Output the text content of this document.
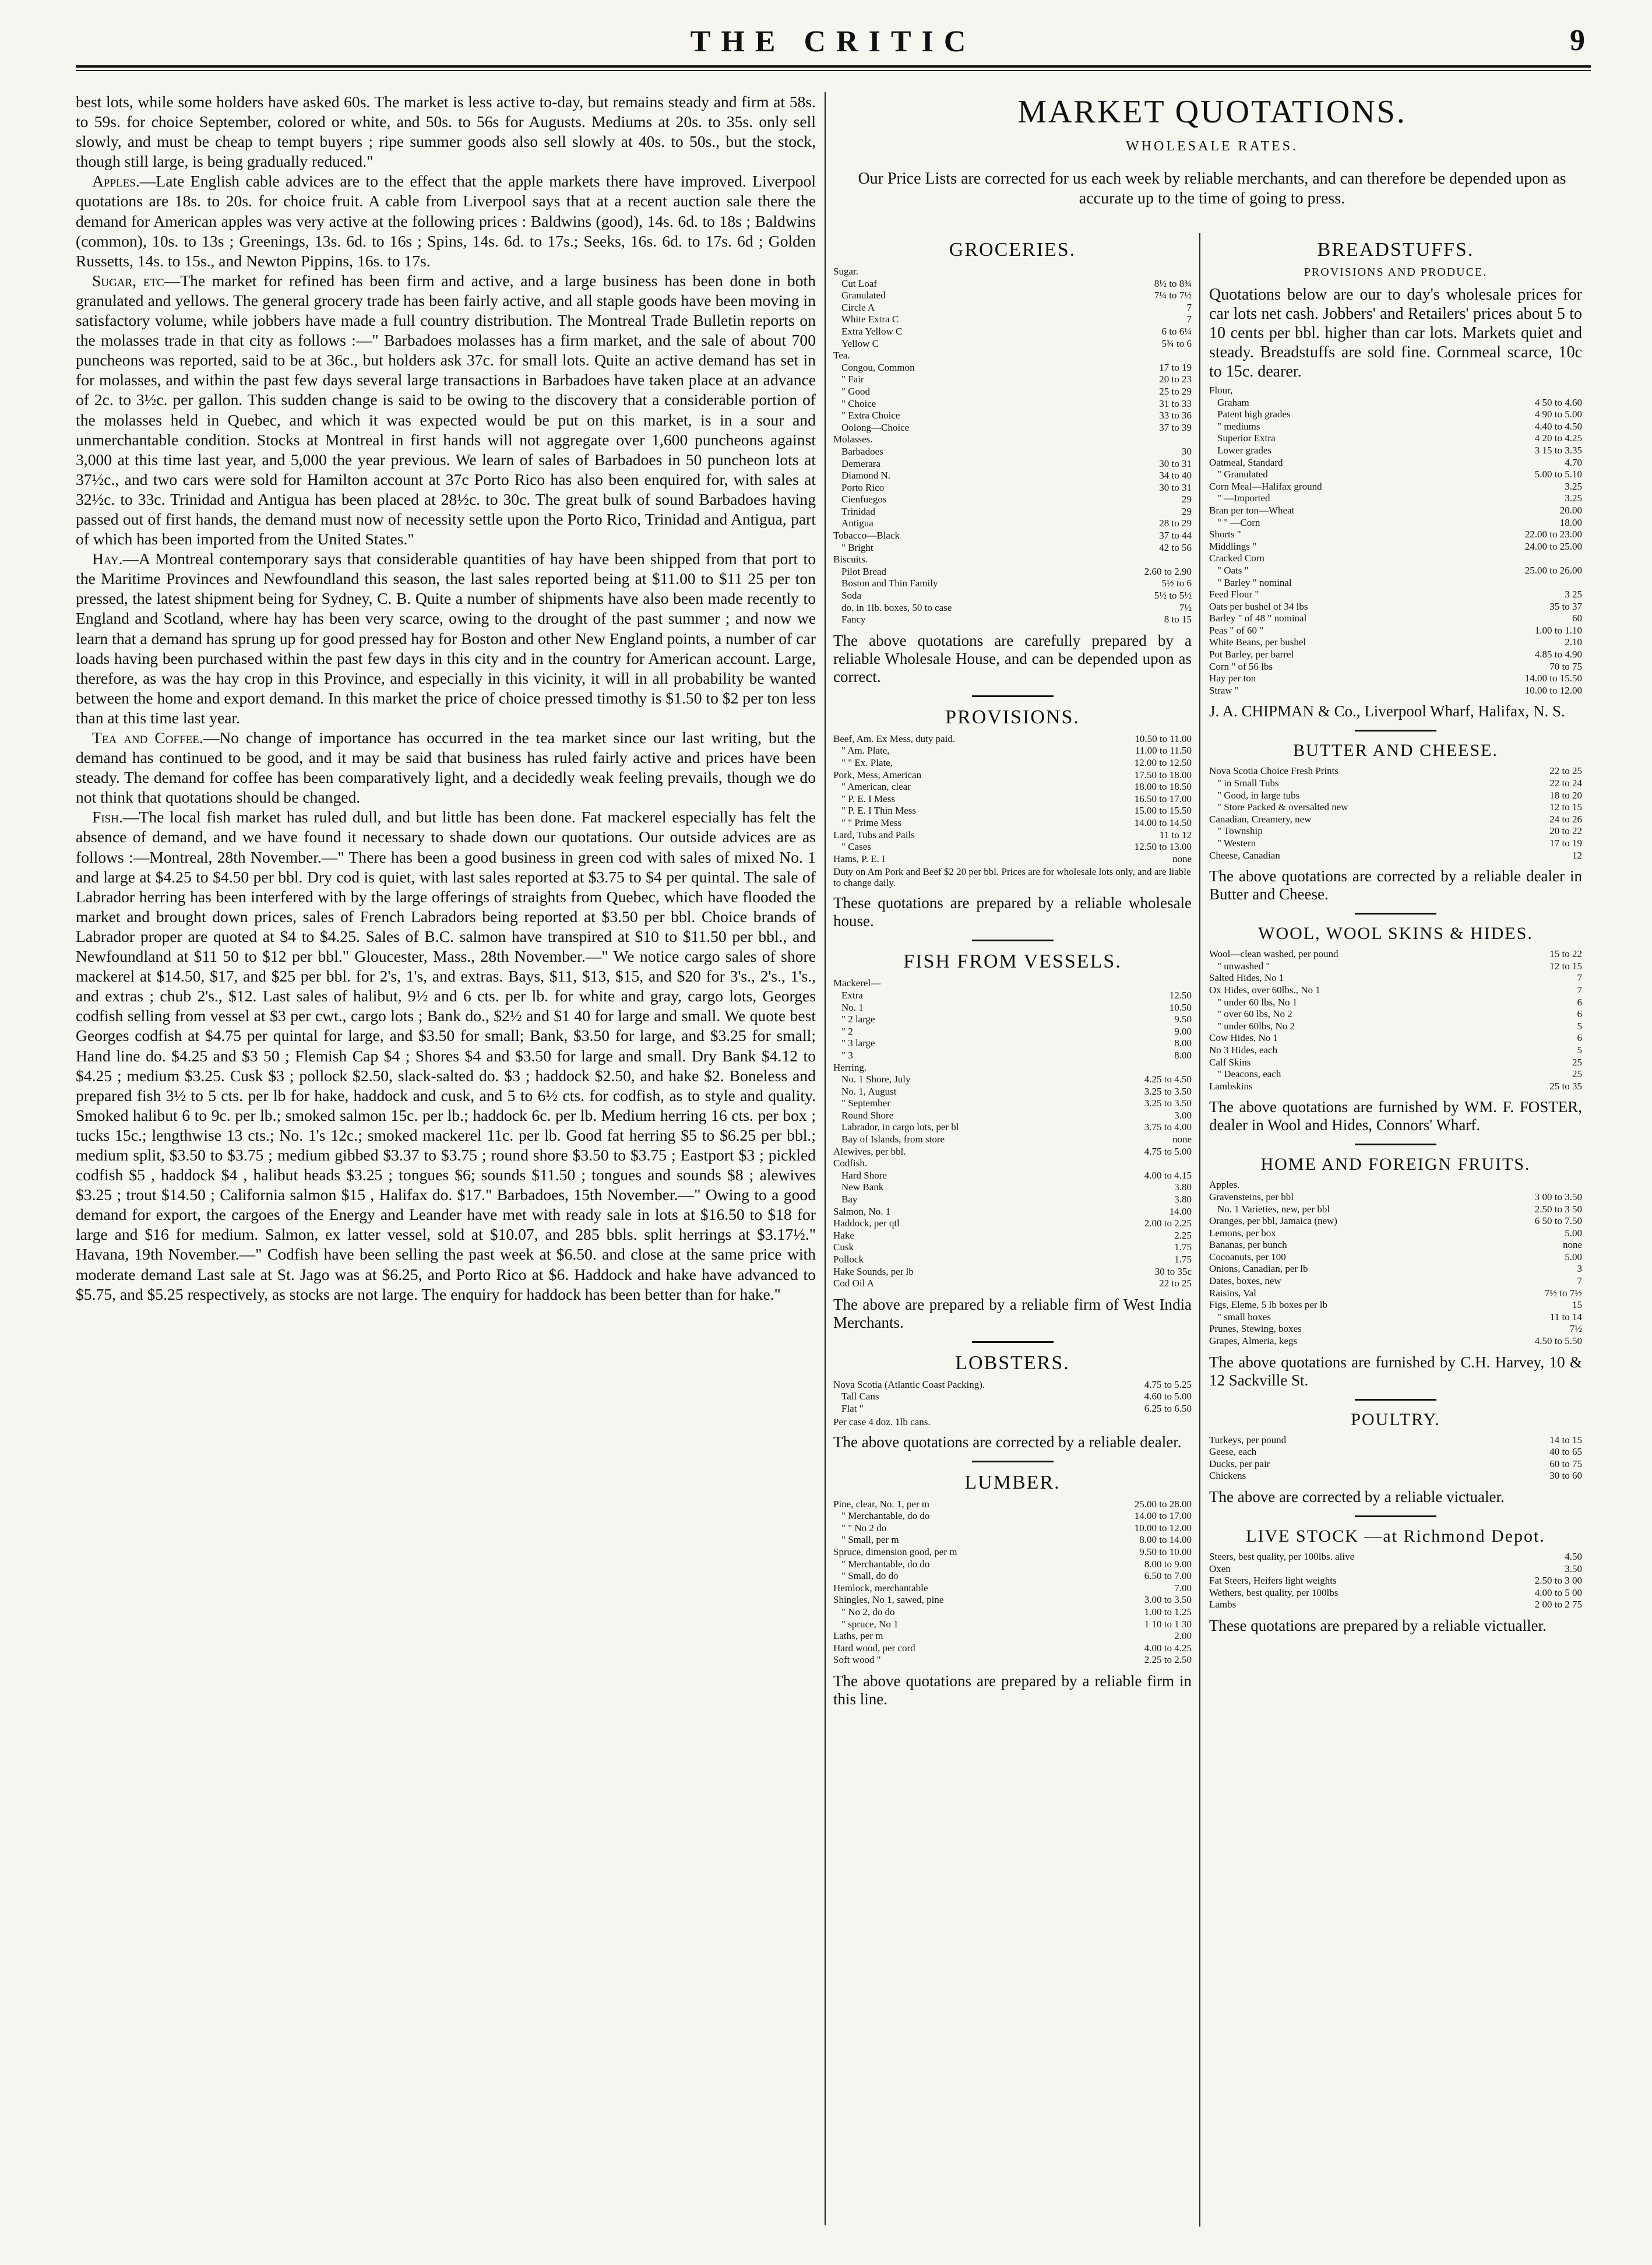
THE CRITIC	9

best lots, while some holders have asked 60s. The market is less active to-day, but remains steady and firm at 58s. to 59s. for choice September, colored or white, and 50s. to 56s for Augusts. Mediums at 20s. to 35s. only sell slowly, and must be cheap to tempt buyers ; ripe summer goods also sell slowly at 40s. to 50s., but the stock, though still large, is being gradually reduced."

Apples.—Late English cable advices are to the effect that the apple markets there have improved. Liverpool quotations are 18s. to 20s. for choice fruit. A cable from Liverpool says that at a recent auction sale there the demand for American apples was very active at the following prices : Baldwins (good), 14s. 6d. to 18s ; Baldwins (common), 10s. to 13s ; Greenings, 13s. 6d. to 16s ; Spins, 14s. 6d. to 17s.; Seeks, 16s. 6d. to 17s. 6d ; Golden Russetts, 14s. to 15s., and Newton Pippins, 16s. to 17s.

Sugar, etc—The market for refined has been firm and active, and a large business has been done in both granulated and yellows. The general grocery trade has been fairly active, and all staple goods have been moving in satisfactory volume, while jobbers have made a full country distribution. The Montreal Trade Bulletin reports on the molasses trade in that city as follows :—" Barbadoes molasses has a firm market, and the sale of about 700 puncheons was reported, said to be at 36c., but holders ask 37c. for small lots. Quite an active demand has set in for molasses, and within the past few days several large transactions in Barbadoes have taken place at an advance of 2c. to 3½c. per gallon. This sudden change is said to be owing to the discovery that a considerable portion of the molasses held in Quebec, and which it was expected would be put on this market, is in a sour and unmerchantable condition. Stocks at Montreal in first hands will not aggregate over 1,600 puncheons against 3,000 at this time last year, and 5,000 the year previous. We learn of sales of Barbadoes in 50 puncheon lots at 37½c., and two cars were sold for Hamilton account at 37c Porto Rico has also been enquired for, with sales at 32½c. to 33c. Trinidad and Antigua has been placed at 28½c. to 30c. The great bulk of sound Barbadoes having passed out of first hands, the demand must now of necessity settle upon the Porto Rico, Trinidad and Antigua, part of which has been imported from the United States."

Hay.—A Montreal contemporary says that considerable quantities of hay have been shipped from that port to the Maritime Provinces and Newfoundland this season, the last sales reported being at $11.00 to $11 25 per ton pressed, the latest shipment being for Sydney, C. B. Quite a number of shipments have also been made recently to England and Scotland, where hay has been very scarce, owing to the drought of the past summer ; and now we learn that a demand has sprung up for good pressed hay for Boston and other New England points, a number of car loads having been purchased within the past few days in this city and in the country for American account. Large, therefore, as was the hay crop in this Province, and especially in this vicinity, it will in all probability be wanted between the home and export demand. In this market the price of choice pressed timothy is $1.50 to $2 per ton less than at this time last year.

Tea and Coffee.—No change of importance has occurred in the tea market since our last writing, but the demand has continued to be good, and it may be said that business has ruled fairly active and prices have been steady. The demand for coffee has been comparatively light, and a decidedly weak feeling prevails, though we do not think that quotations should be changed.

Fish.—The local fish market has ruled dull, and but little has been done. Fat mackerel especially has felt the absence of demand, and we have found it necessary to shade down our quotations. Our outside advices are as follows :—Montreal, 28th November.—" There has been a good business in green cod with sales of mixed No. 1 and large at $4.25 to $4.50 per bbl. Dry cod is quiet, with last sales reported at $3.75 to $4 per quintal. The sale of Labrador herring has been interfered with by the large offerings of straights from Quebec, which have flooded the market and brought down prices, sales of French Labradors being reported at $3.50 per bbl. Choice brands of Labrador proper are quoted at $4 to $4.25. Sales of B.C. salmon have transpired at $10 to $11.50 per bbl., and Newfoundland at $11 50 to $12 per bbl." Gloucester, Mass., 28th November.—" We notice cargo sales of shore mackerel at $14.50, $17, and $25 per bbl. for 2's, 1's, and extras. Bays, $11, $13, $15, and $20 for 3's., 2's., 1's., and extras ; chub 2's., $12. Last sales of halibut, 9½ and 6 cts. per lb. for white and gray, cargo lots, Georges codfish selling from vessel at $3 per cwt., cargo lots ; Bank do., $2½ and $1 40 for large and small. We quote best Georges codfish at $4.75 per quintal for large, and $3.50 for small; Bank, $3.50 for large, and $3.25 for small; Hand line do. $4.25 and $3 50 ; Flemish Cap $4 ; Shores $4 and $3.50 for large and small. Dry Bank $4.12 to $4.25 ; medium $3.25. Cusk $3 ; pollock $2.50, slack-salted do. $3 ; haddock $2.50, and hake $2. Boneless and prepared fish 3½ to 5 cts. per lb for hake, haddock and cusk, and 5 to 6½ cts. for codfish, as to style and quality. Smoked halibut 6 to 9c. per lb.; smoked salmon 15c. per lb.; haddock 6c. per lb. Medium herring 16 cts. per box ; tucks 15c.; lengthwise 13 cts.; No. 1's 12c.; smoked mackerel 11c. per lb. Good fat herring $5 to $6.25 per bbl.; medium split, $3.50 to $3.75 ; medium gibbed $3.37 to $3.75 ; round shore $3.50 to $3.75 ; Eastport $3 ; pickled codfish $5 , haddock $4 , halibut heads $3.25 ; tongues $6; sounds $11.50 ; tongues and sounds $8 ; alewives $3.25 ; trout $14.50 ; California salmon $15 , Halifax do. $17." Barbadoes, 15th November.—" Owing to a good demand for export, the cargoes of the Energy and Leander have met with ready sale in lots at $16.50 to $18 for large and $16 for medium. Salmon, ex latter vessel, sold at $10.07, and 285 bbls. split herrings at $3.17½." Havana, 19th November.—" Codfish have been selling the past week at $6.50. and close at the same price with moderate demand Last sale at St. Jago was at $6.25, and Porto Rico at $6. Haddock and hake have advanced to $5.75, and $5.25 respectively, as stocks are not large. The enquiry for haddock has been better than for hake."

MARKET QUOTATIONS.
WHOLESALE RATES.
Our Price Lists are corrected for us each week by reliable merchants, and can therefore be depended upon as accurate up to the time of going to press.
GROCERIES.
Sugar.	
Cut Loaf	8½ to 8¾
Granulated	7¼ to 7½
Circle A	7
White Extra C	7
Extra Yellow C	6 to 6¼
Yellow C	5¾ to 6
Tea.	
Congou, Common	17 to 19
" Fair	20 to 23
" Good	25 to 29
" Choice	31 to 33
" Extra Choice	33 to 36
Oolong—Choice	37 to 39
Molasses.	
Barbadoes	30
Demerara	30 to 31
Diamond N.	34 to 40
Porto Rico	30 to 31
Cienfuegos	29
Trinidad	29
Antigua	28 to 29
Tobacco—Black	37 to 44
" Bright	42 to 56
Biscuits.	
Pilot Bread	2.60 to 2.90
Boston and Thin Family	5½ to 6
Soda	5½ to 5½
do. in 1lb. boxes, 50 to case	7½
Fancy	8 to 15
The above quotations are carefully prepared by a reliable Wholesale House, and can be depended upon as correct.
PROVISIONS.
Beef, Am. Ex Mess, duty paid.	10.50 to 11.00
" Am. Plate,	11.00 to 11.50
" " Ex. Plate,	12.00 to 12.50
Pork, Mess, American	17.50 to 18.00
" American, clear	18.00 to 18.50
" P. E. I Mess	16.50 to 17.00
" P. E. I Thin Mess	15.00 to 15.50
" " Prime Mess	14.00 to 14.50
Lard, Tubs and Pails	11 to 12
" Cases	12.50 to 13.00
Hams, P. E. I	none
Duty on Am Pork and Beef $2 20 per bbl. Prices are for wholesale lots only, and are liable to change daily.
These quotations are prepared by a reliable wholesale house.
FISH FROM VESSELS.
Mackerel—	
Extra	12.50
No. 1	10.50
" 2 large	9.50
" 2	9.00
" 3 large	8.00
" 3	8.00
Herring.	
No. 1 Shore, July	4.25 to 4.50
No. 1, August	3.25 to 3.50
" September	3.25 to 3.50
Round Shore	3.00
Labrador, in cargo lots, per bl	3.75 to 4.00
Bay of Islands, from store	none
Alewives, per bbl.	4.75 to 5.00
Codfish.	
Hard Shore	4.00 to 4.15
New Bank	3.80
Bay	3.80
Salmon, No. 1	14.00
Haddock, per qtl	2.00 to 2.25
Hake	2.25
Cusk	1.75
Pollock	1.75
Hake Sounds, per lb	30 to 35c
Cod Oil A	22 to 25
The above are prepared by a reliable firm of West India Merchants.
LOBSTERS.
Nova Scotia (Atlantic Coast Packing).	4.75 to 5.25
Tall Cans	4.60 to 5.00
Flat "	6.25 to 6.50
Per case 4 doz. 1lb cans.
The above quotations are corrected by a reliable dealer.
LUMBER.
Pine, clear, No. 1, per m	25.00 to 28.00
" Merchantable, do do	14.00 to 17.00
" " No 2 do	10.00 to 12.00
" Small, per m	8.00 to 14.00
Spruce, dimension good, per m	9.50 to 10.00
" Merchantable, do do	8.00 to 9.00
" Small, do do	6.50 to 7.00
Hemlock, merchantable	7.00
Shingles, No 1, sawed, pine	3.00 to 3.50
" No 2, do do	1.00 to 1.25
" spruce, No 1	1 10 to 1 30
Laths, per m	2.00
Hard wood, per cord	4.00 to 4.25
Soft wood "	2.25 to 2.50
The above quotations are prepared by a reliable firm in this line.
BREADSTUFFS.
PROVISIONS AND PRODUCE.
Quotations below are our to day's wholesale prices for car lots net cash. Jobbers' and Retailers' prices about 5 to 10 cents per bbl. higher than car lots. Markets quiet and steady. Breadstuffs are sold fine. Cornmeal scarce, 10c to 15c. dearer.
Flour,	
Graham	4 50 to 4.60
Patent high grades	4 90 to 5.00
" mediums	4.40 to 4.50
Superior Extra	4 20 to 4.25
Lower grades	3 15 to 3.35
Oatmeal, Standard	4.70
" Granulated	5.00 to 5.10
Corn Meal—Halifax ground	3.25
" —Imported	3.25
Bran per ton—Wheat	20.00
" " —Corn	18.00
Shorts "	22.00 to 23.00
Middlings "	24.00 to 25.00
Cracked Corn	
" Oats "	25.00 to 26.00
" Barley " nominal	
Feed Flour "	3 25
Oats per bushel of 34 lbs	35 to 37
Barley " of 48 " nominal	60
Peas " of 60 "	1.00 to 1.10
White Beans, per bushel	2.10
Pot Barley, per barrel	4.85 to 4.90
Corn " of 56 lbs	70 to 75
Hay per ton	14.00 to 15.50
Straw "	10.00 to 12.00
J. A. CHIPMAN & Co., Liverpool Wharf, Halifax, N. S.
BUTTER AND CHEESE.
Nova Scotia Choice Fresh Prints	22 to 25
" in Small Tubs	22 to 24
" Good, in large tubs	18 to 20
" Store Packed & oversalted new	12 to 15
Canadian, Creamery, new	24 to 26
" Township	20 to 22
" Western	17 to 19
Cheese, Canadian	12
The above quotations are corrected by a reliable dealer in Butter and Cheese.
WOOL, WOOL SKINS & HIDES.
Wool—clean washed, per pound	15 to 22
" unwashed "	12 to 15
Salted Hides, No 1	7
Ox Hides, over 60lbs., No 1	7
" under 60 lbs, No 1	6
" over 60 lbs, No 2	6
" under 60lbs, No 2	5
Cow Hides, No 1	6
No 3 Hides, each	5
Calf Skins	25
" Deacons, each	25
Lambskins	25 to 35
The above quotations are furnished by WM. F. FOSTER, dealer in Wool and Hides, Connors' Wharf.
HOME AND FOREIGN FRUITS.
Apples.	
Gravensteins, per bbl	3 00 to 3.50
No. 1 Varieties, new, per bbl	2.50 to 3 50
Oranges, per bbl, Jamaica (new)	6 50 to 7.50
Lemons, per box	5.00
Bananas, per bunch	none
Cocoanuts, per 100	5.00
Onions, Canadian, per lb	3
Dates, boxes, new	7
Raisins, Val	7½ to 7½
Figs, Eleme, 5 lb boxes per lb	15
" small boxes	11 to 14
Prunes, Stewing, boxes	7½
Grapes, Almeria, kegs	4.50 to 5.50
The above quotations are furnished by C.H. Harvey, 10 & 12 Sackville St.
POULTRY.
Turkeys, per pound	14 to 15
Geese, each	40 to 65
Ducks, per pair	60 to 75
Chickens	30 to 60
The above are corrected by a reliable victualer.
LIVE STOCK —at Richmond Depot.
Steers, best quality, per 100lbs. alive	4.50
Oxen	3.50
Fat Steers, Heifers light weights	2.50 to 3 00
Wethers, best quality, per 100lbs	4.00 to 5 00
Lambs	2 00 to 2 75
These quotations are prepared by a reliable victualler.
